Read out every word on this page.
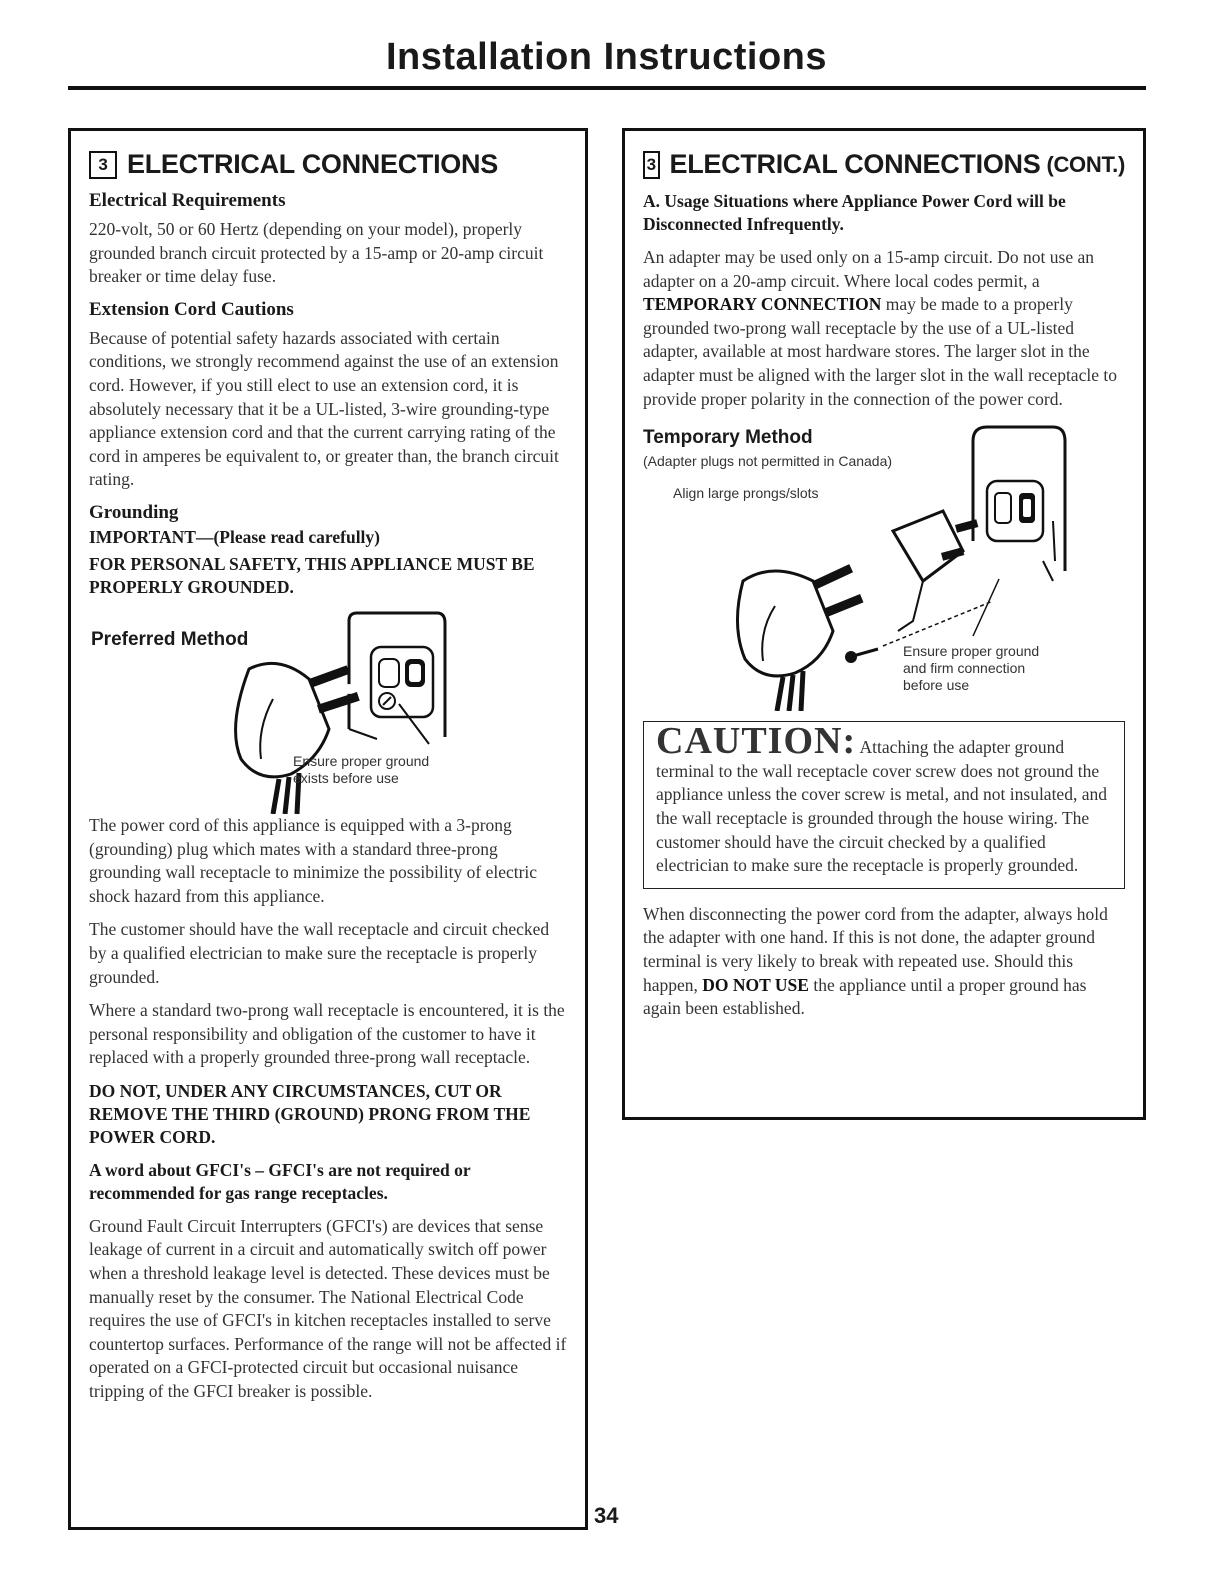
Installation Instructions
3 ELECTRICAL CONNECTIONS
Electrical Requirements

220-volt, 50 or 60 Hertz (depending on your model), properly grounded branch circuit protected by a 15-amp or 20-amp circuit breaker or time delay fuse.

Extension Cord Cautions

Because of potential safety hazards associated with certain conditions, we strongly recommend against the use of an extension cord. However, if you still elect to use an extension cord, it is absolutely necessary that it be a UL-listed, 3-wire grounding-type appliance extension cord and that the current carrying rating of the cord in amperes be equivalent to, or greater than, the branch circuit rating.

Grounding

IMPORTANT—(Please read carefully)

FOR PERSONAL SAFETY, THIS APPLIANCE MUST BE PROPERLY GROUNDED.

Preferred Method

Ensure proper ground exists before use

The power cord of this appliance is equipped with a 3-prong (grounding) plug which mates with a standard three-prong grounding wall receptacle to minimize the possibility of electric shock hazard from this appliance.

The customer should have the wall receptacle and circuit checked by a qualified electrician to make sure the receptacle is properly grounded.

Where a standard two-prong wall receptacle is encountered, it is the personal responsibility and obligation of the customer to have it replaced with a properly grounded three-prong wall receptacle.

DO NOT, UNDER ANY CIRCUMSTANCES, CUT OR REMOVE THE THIRD (GROUND) PRONG FROM THE POWER CORD.

A word about GFCI's – GFCI's are not required or recommended for gas range receptacles.

Ground Fault Circuit Interrupters (GFCI's) are devices that sense leakage of current in a circuit and automatically switch off power when a threshold leakage level is detected. These devices must be manually reset by the consumer. The National Electrical Code requires the use of GFCI's in kitchen receptacles installed to serve countertop surfaces. Performance of the range will not be affected if operated on a GFCI-protected circuit but occasional nuisance tripping of the GFCI breaker is possible.

3 ELECTRICAL CONNECTIONS (CONT.)

A. Usage Situations where Appliance Power Cord will be Disconnected Infrequently.

An adapter may be used only on a 15-amp circuit. Do not use an adapter on a 20-amp circuit. Where local codes permit, a TEMPORARY CONNECTION may be made to a properly grounded two-prong wall receptacle by the use of a UL-listed adapter, available at most hardware stores. The larger slot in the adapter must be aligned with the larger slot in the wall receptacle to provide proper polarity in the connection of the power cord.

Temporary Method

(Adapter plugs not permitted in Canada)

Align large prongs/slots
Ensure proper ground and firm connection before use

CAUTION: Attaching the adapter ground terminal to the wall receptacle cover screw does not ground the appliance unless the cover screw is metal, and not insulated, and the wall receptacle is grounded through the house wiring. The customer should have the circuit checked by a qualified electrician to make sure the receptacle is properly grounded.

When disconnecting the power cord from the adapter, always hold the adapter with one hand. If this is not done, the adapter ground terminal is very likely to break with repeated use. Should this happen, DO NOT USE the appliance until a proper ground has again been established.

34
